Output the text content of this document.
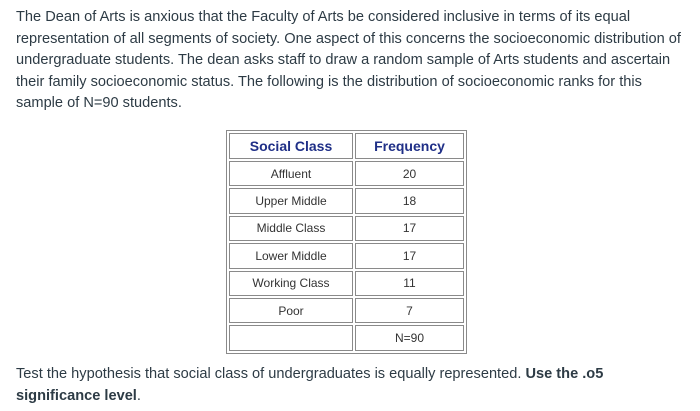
The Dean of Arts is anxious that the Faculty of Arts be considered inclusive in terms of its equal representation of all segments of society. One aspect of this concerns the socioeconomic distribution of undergraduate students. The dean asks staff to draw a random sample of Arts students and ascertain their family socioeconomic status. The following is the distribution of socioeconomic ranks for this sample of N=90 students.

Social Class	Frequency
Affluent	20
Upper Middle	18
Middle Class	17
Lower Middle	17
Working Class	11
Poor	7
	N=90

Test the hypothesis that social class of undergraduates is equally represented. Use the .o5 significance level.
